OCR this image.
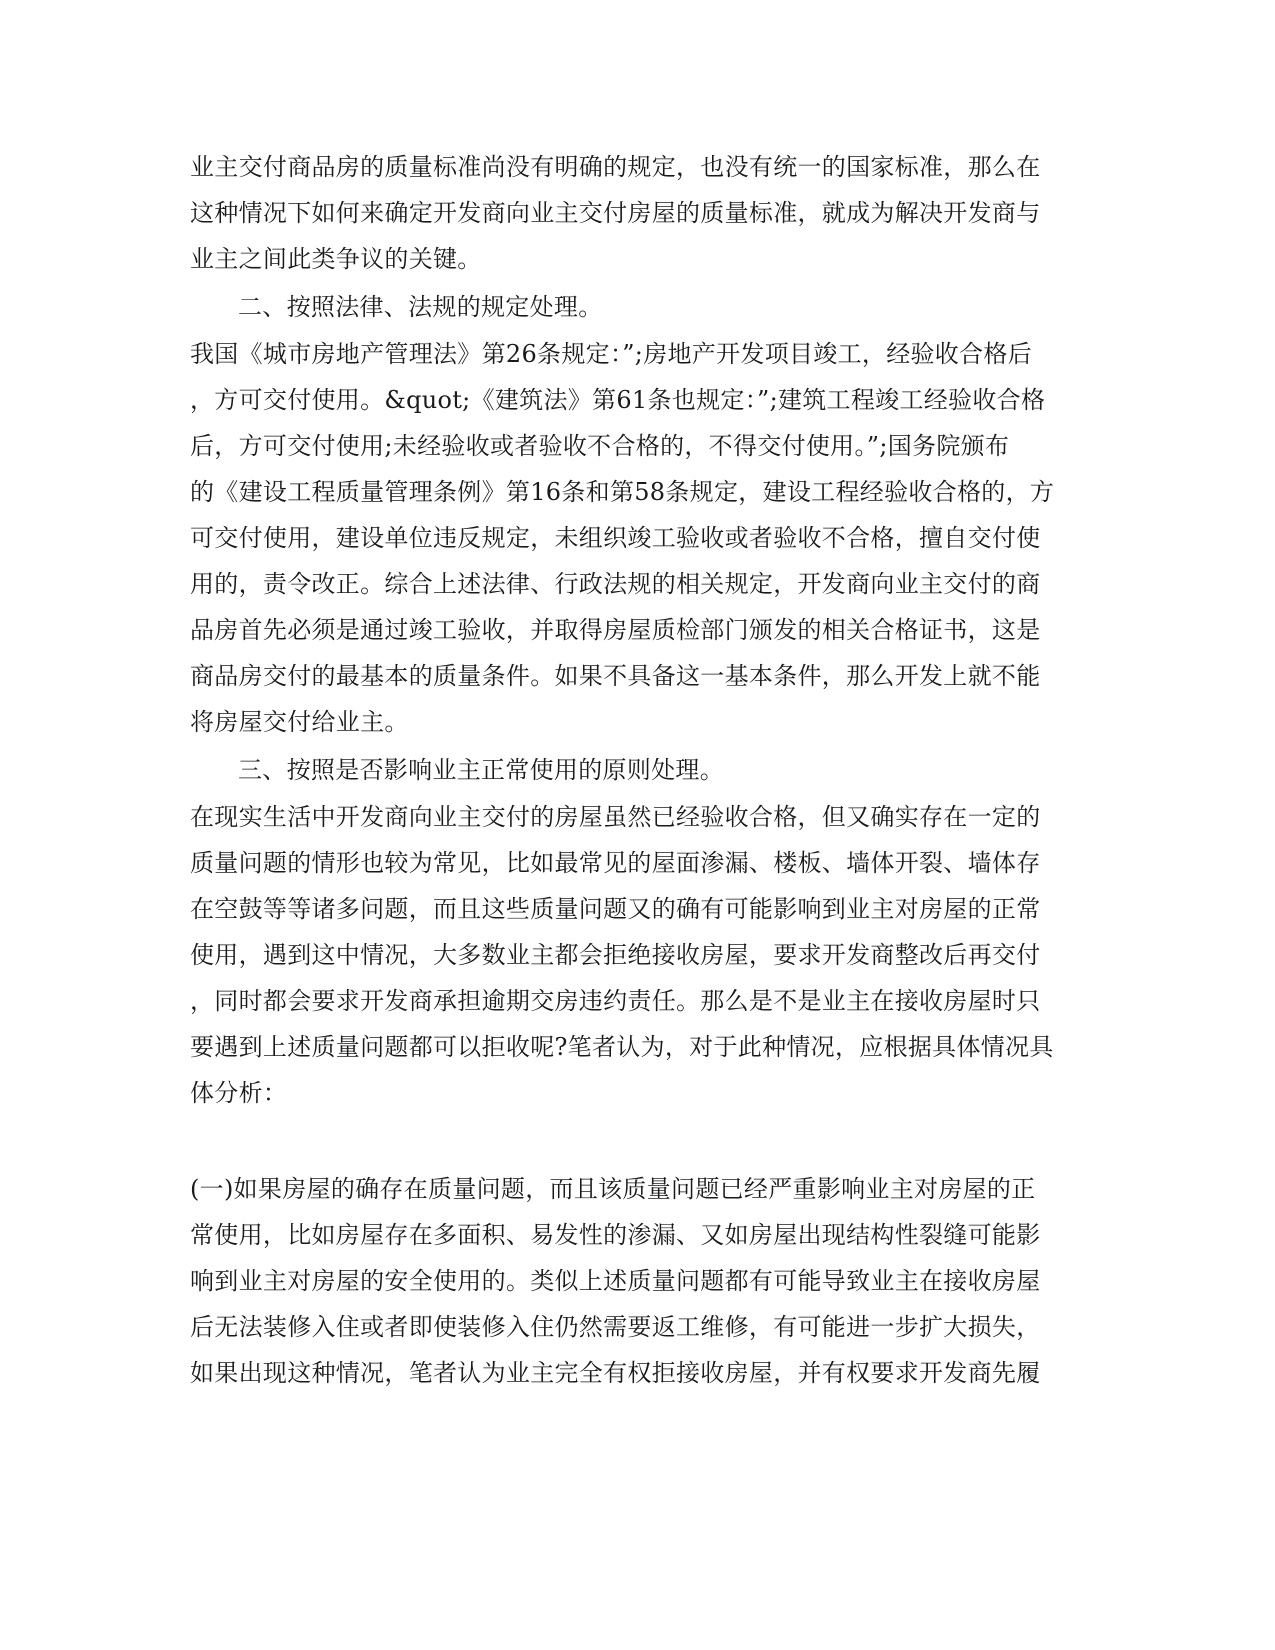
业主交付商品房的质量标准尚没有明确的规定，也没有统一的国家标准，那么在
这种情况下如何来确定开发商向业主交付房屋的质量标准，就成为解决开发商与
业主之间此类争议的关键。
二、按照法律、法规的规定处理。
我国《城市房地产管理法》第26条规定：”;房地产开发项目竣工，经验收合格后
，方可交付使用。&quot;《建筑法》第61条也规定：”;建筑工程竣工经验收合格
后，方可交付使用;未经验收或者验收不合格的，不得交付使用。”;国务院颁布
的《建设工程质量管理条例》第16条和第58条规定，建设工程经验收合格的，方
可交付使用，建设单位违反规定，未组织竣工验收或者验收不合格，擅自交付使
用的，责令改正。综合上述法律、行政法规的相关规定，开发商向业主交付的商
品房首先必须是通过竣工验收，并取得房屋质检部门颁发的相关合格证书，这是
商品房交付的最基本的质量条件。如果不具备这一基本条件，那么开发上就不能
将房屋交付给业主。
三、按照是否影响业主正常使用的原则处理。
在现实生活中开发商向业主交付的房屋虽然已经验收合格，但又确实存在一定的
质量问题的情形也较为常见，比如最常见的屋面渗漏、楼板、墙体开裂、墙体存
在空鼓等等诸多问题，而且这些质量问题又的确有可能影响到业主对房屋的正常
使用，遇到这中情况，大多数业主都会拒绝接收房屋，要求开发商整改后再交付
，同时都会要求开发商承担逾期交房违约责任。那么是不是业主在接收房屋时只
要遇到上述质量问题都可以拒收呢?笔者认为，对于此种情况，应根据具体情况具
体分析：
(一)如果房屋的确存在质量问题，而且该质量问题已经严重影响业主对房屋的正
常使用，比如房屋存在多面积、易发性的渗漏、又如房屋出现结构性裂缝可能影
响到业主对房屋的安全使用的。类似上述质量问题都有可能导致业主在接收房屋
后无法装修入住或者即使装修入住仍然需要返工维修，有可能进一步扩大损失，
如果出现这种情况，笔者认为业主完全有权拒接收房屋，并有权要求开发商先履
